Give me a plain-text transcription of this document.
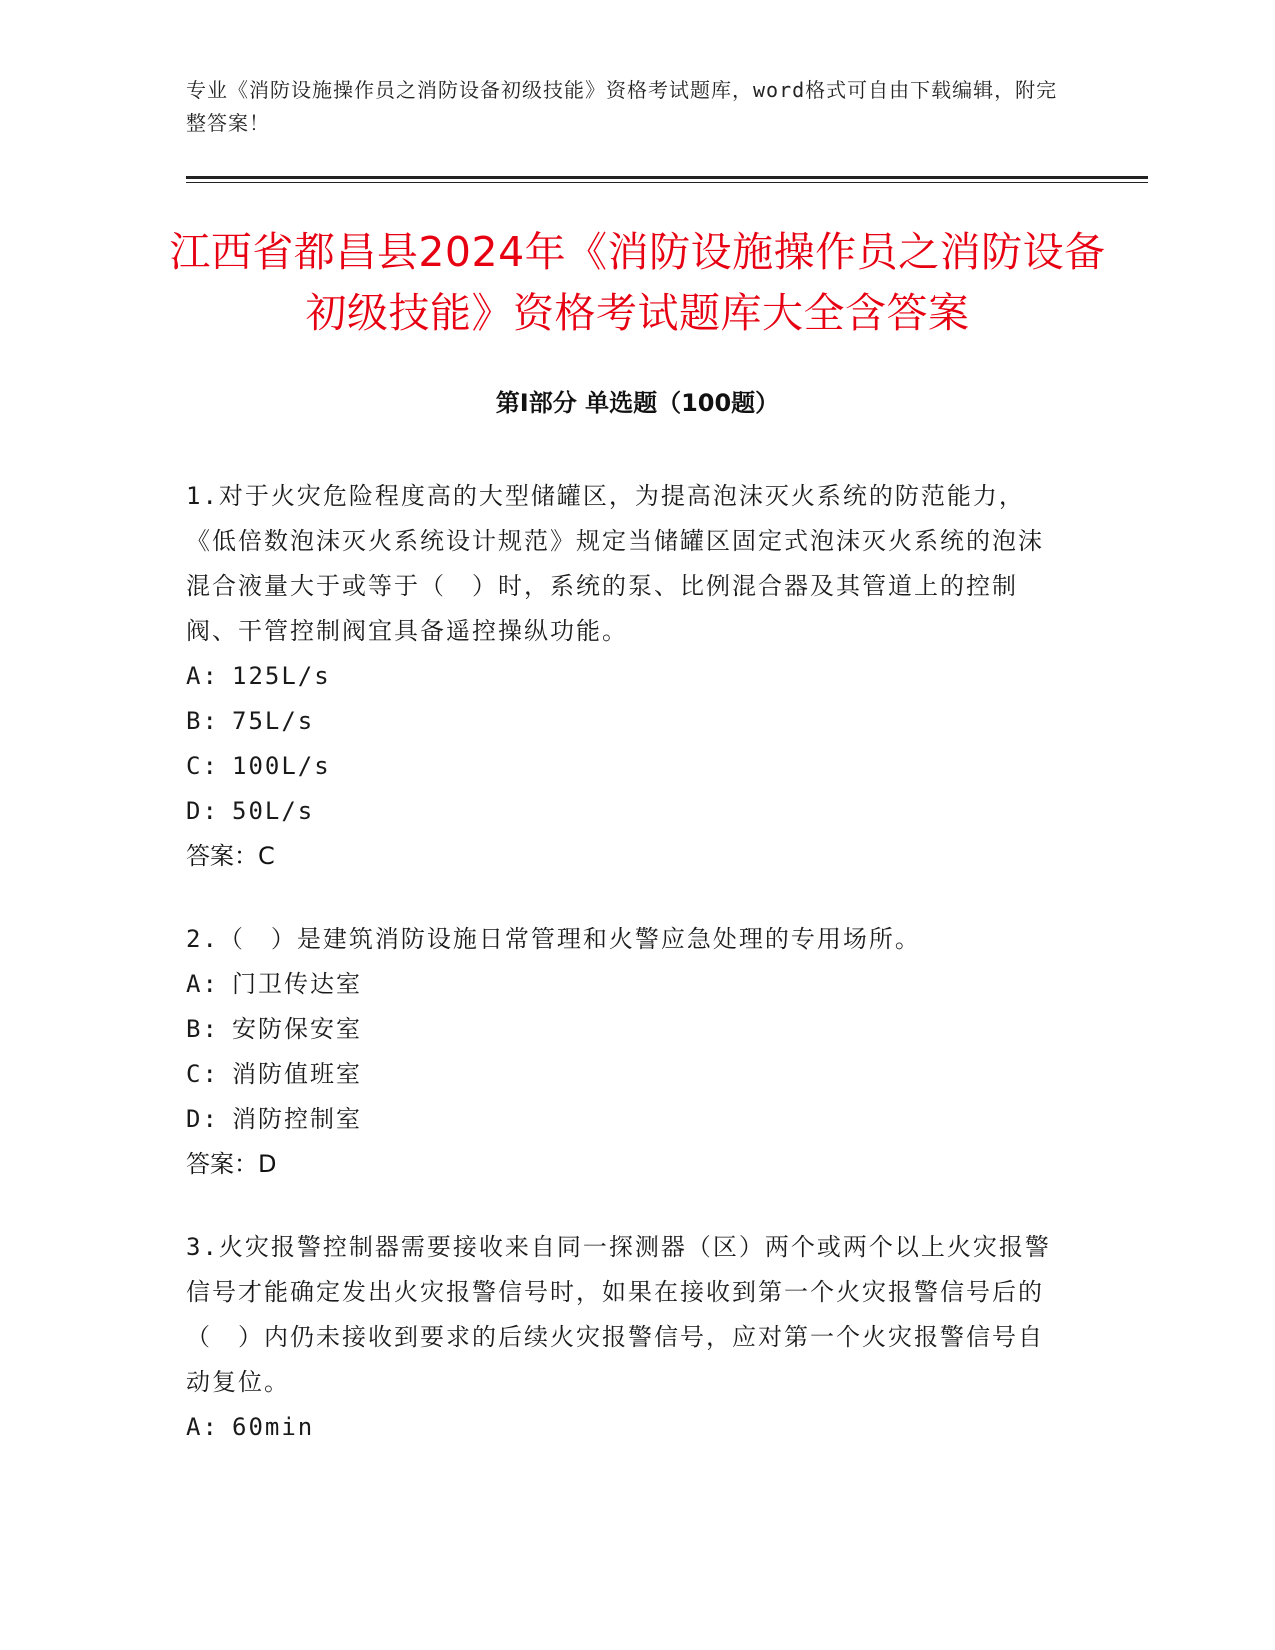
专业《消防设施操作员之消防设备初级技能》资格考试题库，word格式可自由下载编辑，附完整答案！
江西省都昌县2024年《消防设施操作员之消防设备初级技能》资格考试题库大全含答案
第Ⅰ部分 单选题（100题）
1.对于火灾危险程度高的大型储罐区，为提高泡沫灭火系统的防范能力，《低倍数泡沫灭火系统设计规范》规定当储罐区固定式泡沫灭火系统的泡沫混合液量大于或等于（　）时，系统的泵、比例混合器及其管道上的控制阀、干管控制阀宜具备遥控操纵功能。
A: 125L/s
B: 75L/s
C: 100L/s
D: 50L/s
答案：C
2.（　）是建筑消防设施日常管理和火警应急处理的专用场所。
A: 门卫传达室
B: 安防保安室
C: 消防值班室
D: 消防控制室
答案：D
3.火灾报警控制器需要接收来自同一探测器（区）两个或两个以上火灾报警信号才能确定发出火灾报警信号时，如果在接收到第一个火灾报警信号后的（　）内仍未接收到要求的后续火灾报警信号，应对第一个火灾报警信号自动复位。
A: 60min
